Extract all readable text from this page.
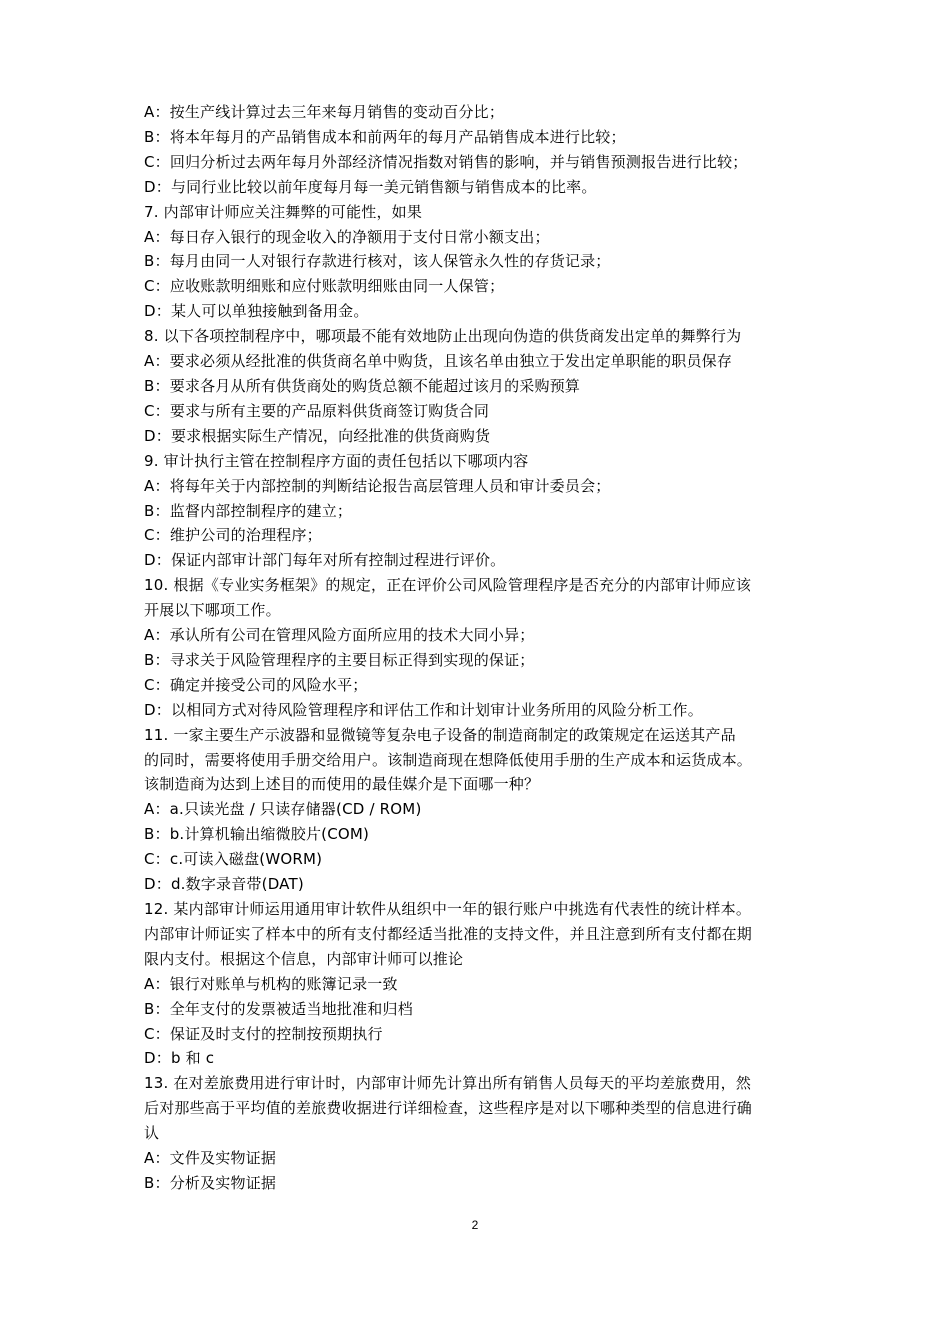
A：按生产线计算过去三年来每月销售的变动百分比；
B：将本年每月的产品销售成本和前两年的每月产品销售成本进行比较；
C：回归分析过去两年每月外部经济情况指数对销售的影响，并与销售预测报告进行比较；
D：与同行业比较以前年度每月每一美元销售额与销售成本的比率。
7. 内部审计师应关注舞弊的可能性，如果
A：每日存入银行的现金收入的净额用于支付日常小额支出；
B：每月由同一人对银行存款进行核对，该人保管永久性的存货记录；
C：应收账款明细账和应付账款明细账由同一人保管；
D：某人可以单独接触到备用金。
8. 以下各项控制程序中，哪项最不能有效地防止出现向伪造的供货商发出定单的舞弊行为
A：要求必须从经批准的供货商名单中购货，且该名单由独立于发出定单职能的职员保存
B：要求各月从所有供货商处的购货总额不能超过该月的采购预算
C：要求与所有主要的产品原料供货商签订购货合同
D：要求根据实际生产情况，向经批准的供货商购货
9. 审计执行主管在控制程序方面的责任包括以下哪项内容
A：将每年关于内部控制的判断结论报告高层管理人员和审计委员会；
B：监督内部控制程序的建立；
C：维护公司的治理程序；
D：保证内部审计部门每年对所有控制过程进行评价。
10. 根据《专业实务框架》的规定，正在评价公司风险管理程序是否充分的内部审计师应该
开展以下哪项工作。
A：承认所有公司在管理风险方面所应用的技术大同小异；
B：寻求关于风险管理程序的主要目标正得到实现的保证；
C：确定并接受公司的风险水平；
D：以相同方式对待风险管理程序和评估工作和计划审计业务所用的风险分析工作。
11. 一家主要生产示波器和显微镜等复杂电子设备的制造商制定的政策规定在运送其产品
的同时，需要将使用手册交给用户。该制造商现在想降低使用手册的生产成本和运货成本。
该制造商为达到上述目的而使用的最佳媒介是下面哪一种？
A：a.只读光盘 / 只读存储器(CD / ROM)
B：b.计算机输出缩微胶片(COM)
C：c.可读入磁盘(WORM)
D：d.数字录音带(DAT)
12. 某内部审计师运用通用审计软件从组织中一年的银行账户中挑选有代表性的统计样本。
内部审计师证实了样本中的所有支付都经适当批准的支持文件，并且注意到所有支付都在期
限内支付。根据这个信息，内部审计师可以推论
A：银行对账单与机构的账簿记录一致
B：全年支付的发票被适当地批准和归档
C：保证及时支付的控制按预期执行
D：b 和 c
13. 在对差旅费用进行审计时，内部审计师先计算出所有销售人员每天的平均差旅费用，然
后对那些高于平均值的差旅费收据进行详细检查，这些程序是对以下哪种类型的信息进行确
认
A：文件及实物证据
B：分析及实物证据
2
